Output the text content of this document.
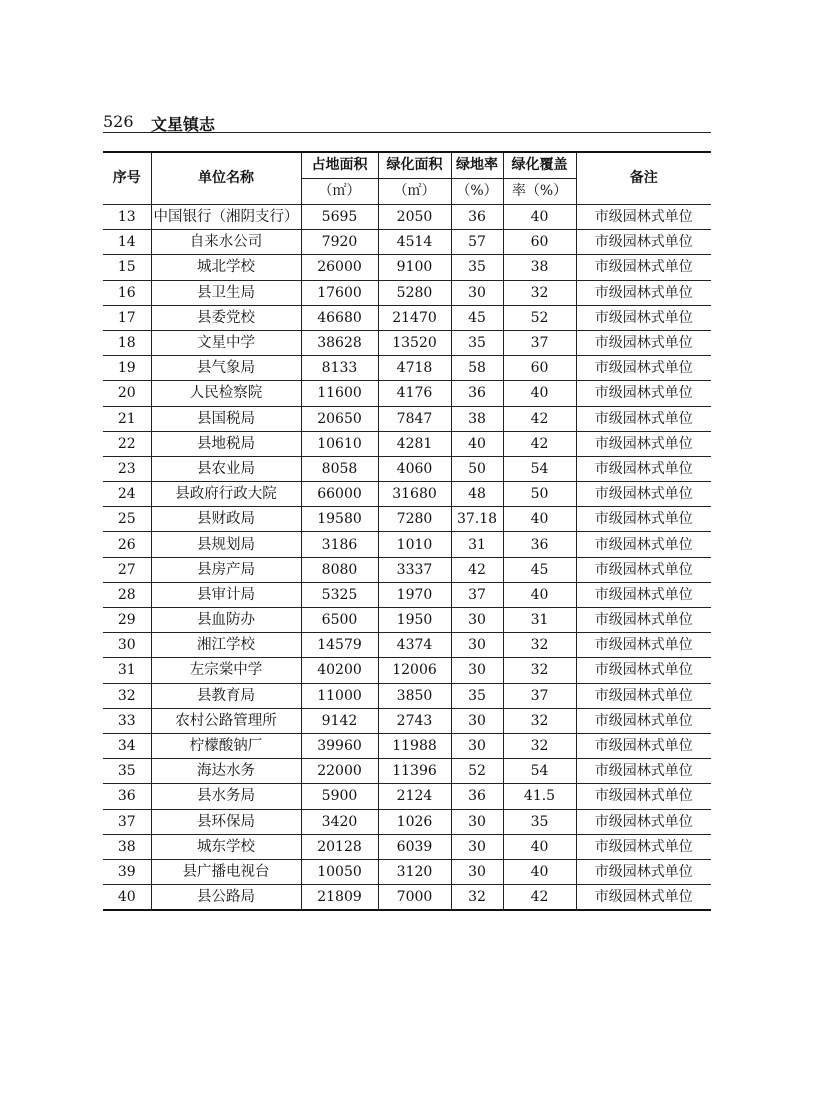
526 文星镇志
序号	单位名称	占地面积	绿化面积	绿地率	绿化覆盖	备注
		（㎡）	（㎡）	（%）	率（%）	
13	中国银行（湘阴支行）	5695	2050	36	40	市级园林式单位
14	自来水公司	7920	4514	57	60	市级园林式单位
15	城北学校	26000	9100	35	38	市级园林式单位
16	县卫生局	17600	5280	30	32	市级园林式单位
17	县委党校	46680	21470	45	52	市级园林式单位
18	文星中学	38628	13520	35	37	市级园林式单位
19	县气象局	8133	4718	58	60	市级园林式单位
20	人民检察院	11600	4176	36	40	市级园林式单位
21	县国税局	20650	7847	38	42	市级园林式单位
22	县地税局	10610	4281	40	42	市级园林式单位
23	县农业局	8058	4060	50	54	市级园林式单位
24	县政府行政大院	66000	31680	48	50	市级园林式单位
25	县财政局	19580	7280	37.18	40	市级园林式单位
26	县规划局	3186	1010	31	36	市级园林式单位
27	县房产局	8080	3337	42	45	市级园林式单位
28	县审计局	5325	1970	37	40	市级园林式单位
29	县血防办	6500	1950	30	31	市级园林式单位
30	湘江学校	14579	4374	30	32	市级园林式单位
31	左宗棠中学	40200	12006	30	32	市级园林式单位
32	县教育局	11000	3850	35	37	市级园林式单位
33	农村公路管理所	9142	2743	30	32	市级园林式单位
34	柠檬酸钠厂	39960	11988	30	32	市级园林式单位
35	海达水务	22000	11396	52	54	市级园林式单位
36	县水务局	5900	2124	36	41.5	市级园林式单位
37	县环保局	3420	1026	30	35	市级园林式单位
38	城东学校	20128	6039	30	40	市级园林式单位
39	县广播电视台	10050	3120	30	40	市级园林式单位
40	县公路局	21809	7000	32	42	市级园林式单位
